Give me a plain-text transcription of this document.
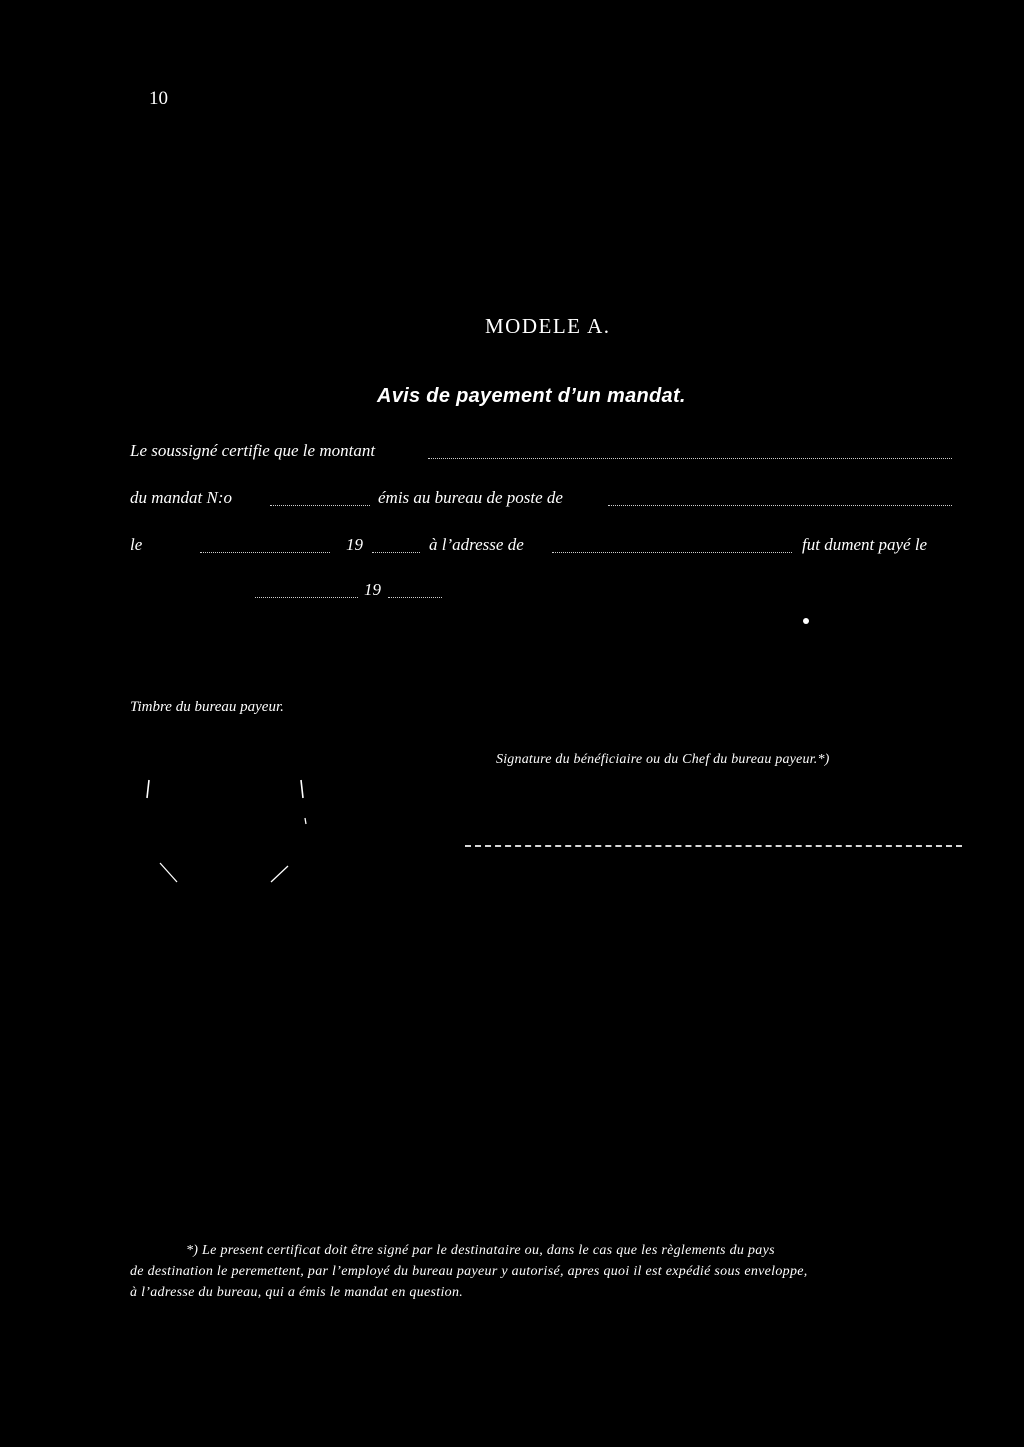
10
MODELE A.
Avis de payement d’un mandat.
Le soussigné certifie que le montant
du mandat N:o	émis au bureau de poste de
le	19	à l’adresse de	fut dument payé le
19
Timbre du bureau payeur.
Signature du bénéficiaire ou du Chef du bureau payeur.*)

*) Le present certificat doit être signé par le destinataire ou, dans le cas que les règlements du pays

de destination le peremettent, par l’employé du bureau payeur y autorisé, apres quoi il est expédié sous enveloppe,

à l’adresse du bureau, qui a émis le mandat en question.
